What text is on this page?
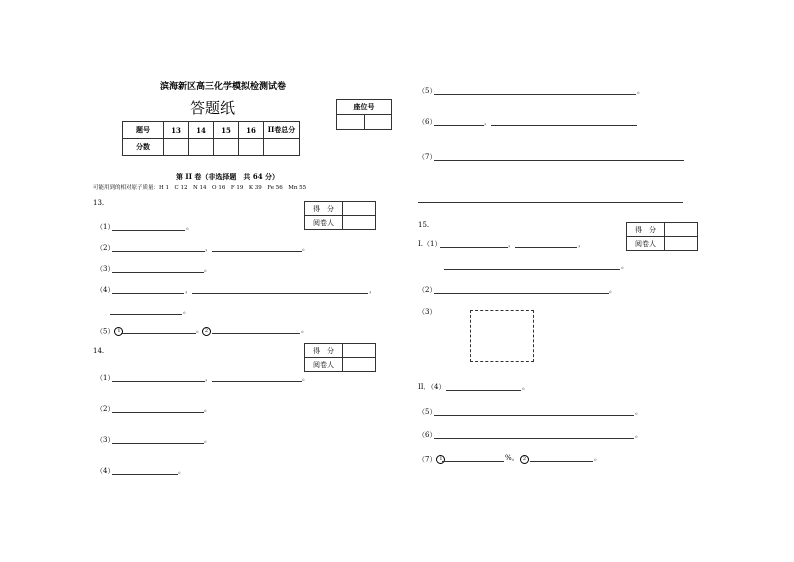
滨海新区高三化学模拟检测试卷
答题纸	座位号

题号	13	14	15	16	II卷总分
分数					
第 II 卷（非选择题　共 64 分）
可能用到的相对原子质量：H 1　C 12　N 14　O 16　F 19　K 39　Fe 56　Mn 55
13.
得　分	
阅卷人	
（1）	。
（2）	，	。
（3）	。
（4）	，	，
。
（5） 1	。 2	。
14.	得　分	
阅卷人	
（1）	，	。
（2）	。
（3）	。
（4）	。
（5）	。
（6）	，
（7）
15.
得　分	
阅卷人	
I.（1）	，	，
。
（2）	。
（3）
II．（4）	。
（5）	。
（6）	。
（7） 1	%。 2	。
